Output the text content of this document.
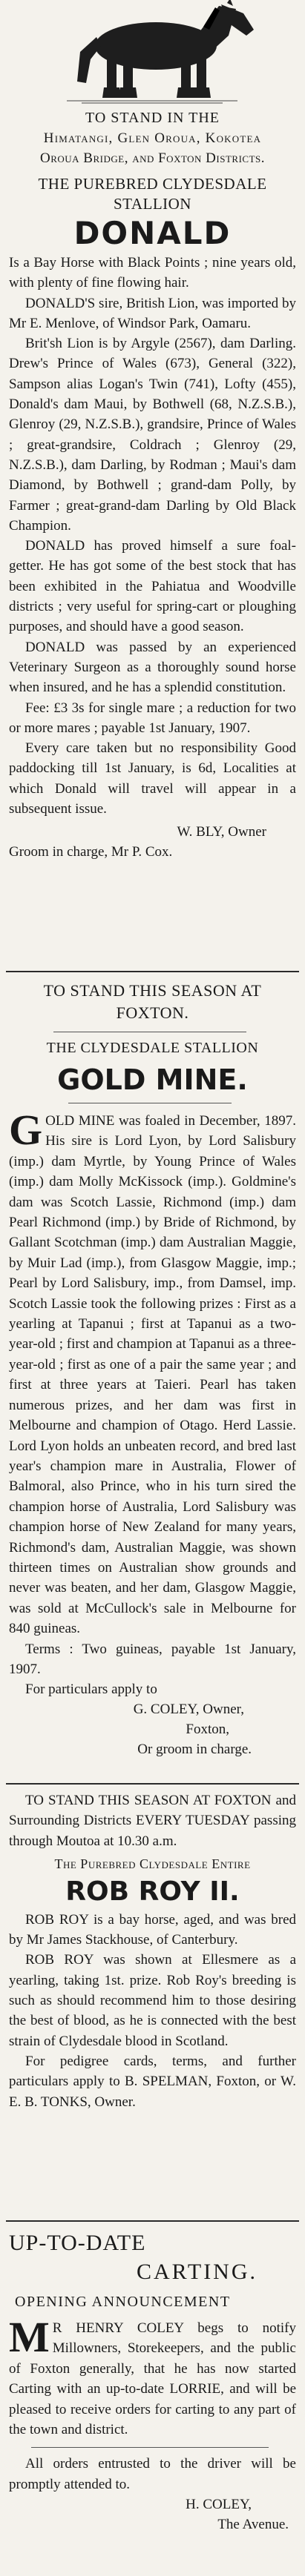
TO STAND IN THE

Himatangi, Glen Oroua, Kokotea

Oroua Bridge, and Foxton Districts.

THE PUREBRED CLYDESDALE

STALLION

DONALD

Is a Bay Horse with Black Points ; nine years old, with plenty of fine flowing hair.

DONALD'S sire, British Lion, was imported by Mr E. Menlove, of Windsor Park, Oamaru.

Brit'sh Lion is by Argyle (2567), dam Darling. Drew's Prince of Wales (673), General (322), Sampson alias Logan's Twin (741), Lofty (455), Donald's dam Maui, by Bothwell (68, N.Z.S.B.), Glenroy (29, N.Z.S.B.), grandsire, Prince of Wales ; great-grandsire, Coldrach ; Glenroy (29, N.Z.S.B.), dam Darling, by Rodman ; Maui's dam Diamond, by Bothwell ; grand-dam Polly, by Farmer ; great-grand-dam Darling by Old Black Champion.

DONALD has proved himself a sure foal-getter. He has got some of the best stock that has been exhibited in the Pahiatua and Woodville districts ; very useful for spring-cart or ploughing purposes, and should have a good season.

DONALD was passed by an experienced Veterinary Surgeon as a thoroughly sound horse when insured, and he has a splendid constitution.

Fee: £3 3s for single mare ; a reduction for two or more mares ; payable 1st January, 1907.

Every care taken but no responsibility Good paddocking till 1st January, is 6d, Localities at which Donald will travel will appear in a subsequent issue.

W. BLY, Owner

Groom in charge, Mr P. Cox.

TO STAND THIS SEASON AT

FOXTON.

THE CLYDESDALE STALLION

GOLD MINE.

GOLD MINE was foaled in December, 1897. His sire is Lord Lyon, by Lord Salisbury (imp.) dam Myrtle, by Young Prince of Wales (imp.) dam Molly McKissock (imp.). Goldmine's dam was Scotch Lassie, Richmond (imp.) dam Pearl Richmond (imp.) by Bride of Richmond, by Gallant Scotchman (imp.) dam Australian Maggie, by Muir Lad (imp.), from Glasgow Maggie, imp.; Pearl by Lord Salisbury, imp., from Damsel, imp. Scotch Lassie took the following prizes : First as a yearling at Tapanui ; first at Tapanui as a two-year-old ; first and champion at Tapanui as a three-year-old ; first as one of a pair the same year ; and first at three years at Taieri. Pearl has taken numerous prizes, and her dam was first in Melbourne and champion of Otago. Herd Lassie. Lord Lyon holds an unbeaten record, and bred last year's champion mare in Australia, Flower of Balmoral, also Prince, who in his turn sired the champion horse of Australia, Lord Salisbury was champion horse of New Zealand for many years, Richmond's dam, Australian Maggie, was shown thirteen times on Australian show grounds and never was beaten, and her dam, Glasgow Maggie, was sold at McCullock's sale in Melbourne for 840 guineas.

Terms : Two guineas, payable 1st January, 1907.

For particulars apply to

G. COLEY, Owner,

Foxton,

Or groom in charge.

TO STAND THIS SEASON AT FOXTON and Surrounding Districts EVERY TUESDAY passing through Moutoa at 10.30 a.m.

The Purebred Clydesdale Entire

ROB ROY II.

ROB ROY is a bay horse, aged, and was bred by Mr James Stackhouse, of Canterbury.

ROB ROY was shown at Ellesmere as a yearling, taking 1st. prize. Rob Roy's breeding is such as should recommend him to those desiring the best of blood, as he is connected with the best strain of Clydesdale blood in Scotland.

For pedigree cards, terms, and further particulars apply to B. SPELMAN, Foxton, or W. E. B. TONKS, Owner.

UP-TO-DATE

CARTING.

OPENING ANNOUNCEMENT

M R HENRY COLEY begs to notify Millowners, Storekeepers, and the public of Foxton generally, that he has now started Carting with an up-to-date LORRIE, and will be pleased to receive orders for carting to any part of the town and district.

All orders entrusted to the driver will be promptly attended to.

H. COLEY,

The Avenue.
